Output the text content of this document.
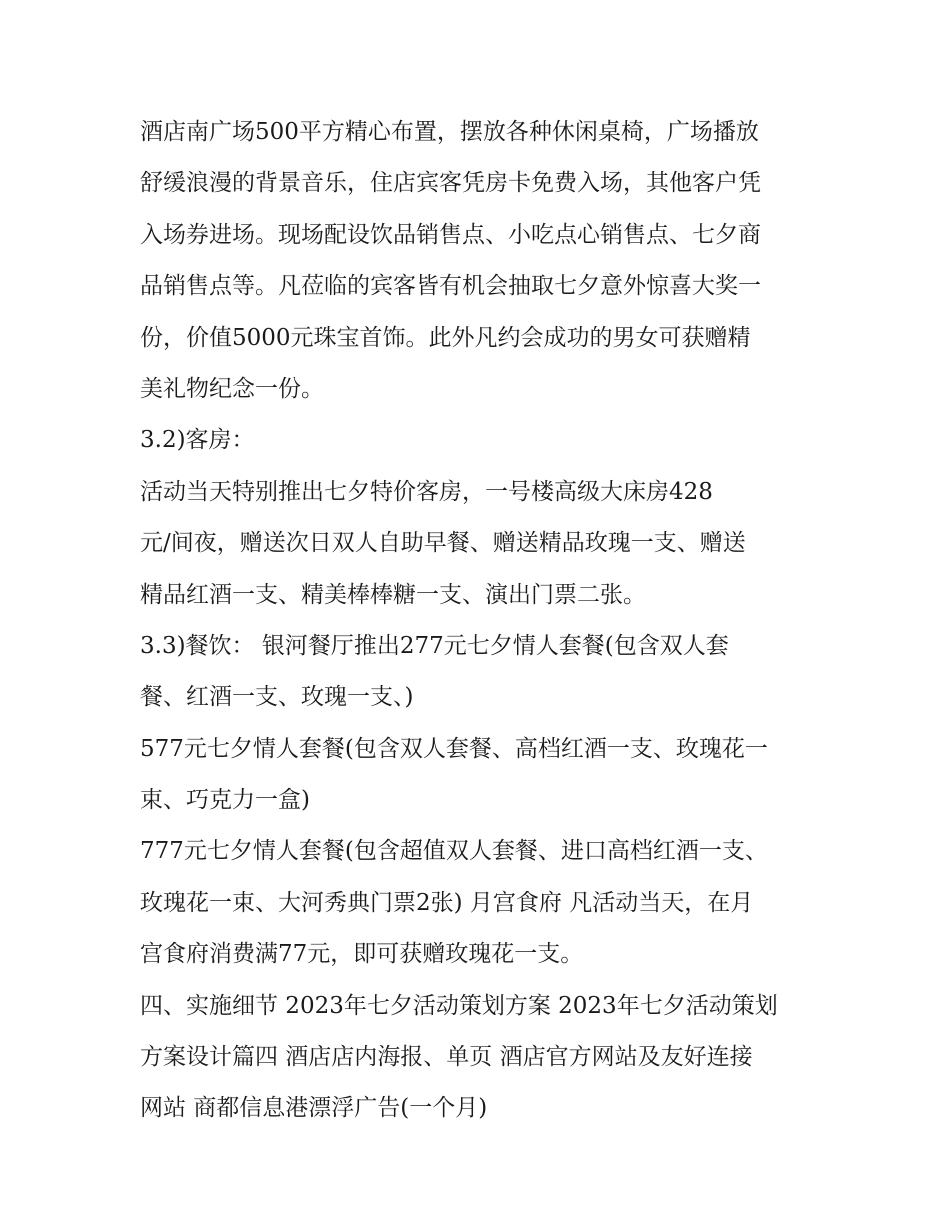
酒店南广场500平方精心布置，摆放各种休闲桌椅，广场播放
舒缓浪漫的背景音乐，住店宾客凭房卡免费入场，其他客户凭
入场券进场。现场配设饮品销售点、小吃点心销售点、七夕商
品销售点等。凡莅临的宾客皆有机会抽取七夕意外惊喜大奖一
份，价值5000元珠宝首饰。此外凡约会成功的男女可获赠精
美礼物纪念一份。
3.2)客房：
活动当天特别推出七夕特价客房，一号楼高级大床房428
元/间夜，赠送次日双人自助早餐、赠送精品玫瑰一支、赠送
精品红酒一支、精美棒棒糖一支、演出门票二张。
3.3)餐饮： 银河餐厅推出277元七夕情人套餐(包含双人套
餐、红酒一支、玫瑰一支、)
577元七夕情人套餐(包含双人套餐、高档红酒一支、玫瑰花一
束、巧克力一盒)
777元七夕情人套餐(包含超值双人套餐、进口高档红酒一支、
玫瑰花一束、大河秀典门票2张) 月宫食府 凡活动当天，在月
宫食府消费满77元，即可获赠玫瑰花一支。
四、实施细节 2023年七夕活动策划方案 2023年七夕活动策划
方案设计篇四 酒店店内海报、单页 酒店官方网站及友好连接
网站 商都信息港漂浮广告(一个月)
